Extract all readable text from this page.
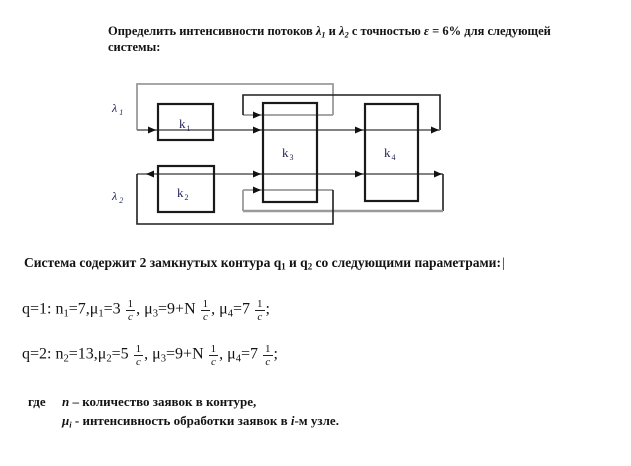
Определить интенсивности потоков λ1 и λ2 с точностью ε = 6% для следующей системы:
λ $_1$
λ $_2$
$k_1$
$k_2$
$k_3$	$k_4$
Система содержит 2 замкнутых контура q1 и q2 со следующими параметрами:|
q=1: $n1=7,\mu 1=3 \frac{1}{c}$ , $\mu 3=9+N \frac{1}{c}$ , $\mu 4=7 \frac{1}{c}$ ;
q=2: $n2=13,\mu 2=5 \frac{1}{c}$ , $\mu 3=9+N \frac{1}{c}$ , $\mu 4=7 \frac{1}{c}$ ;
где	n – количество заявок в контуре,
μi - интенсивность обработки заявок в i-м узле.
